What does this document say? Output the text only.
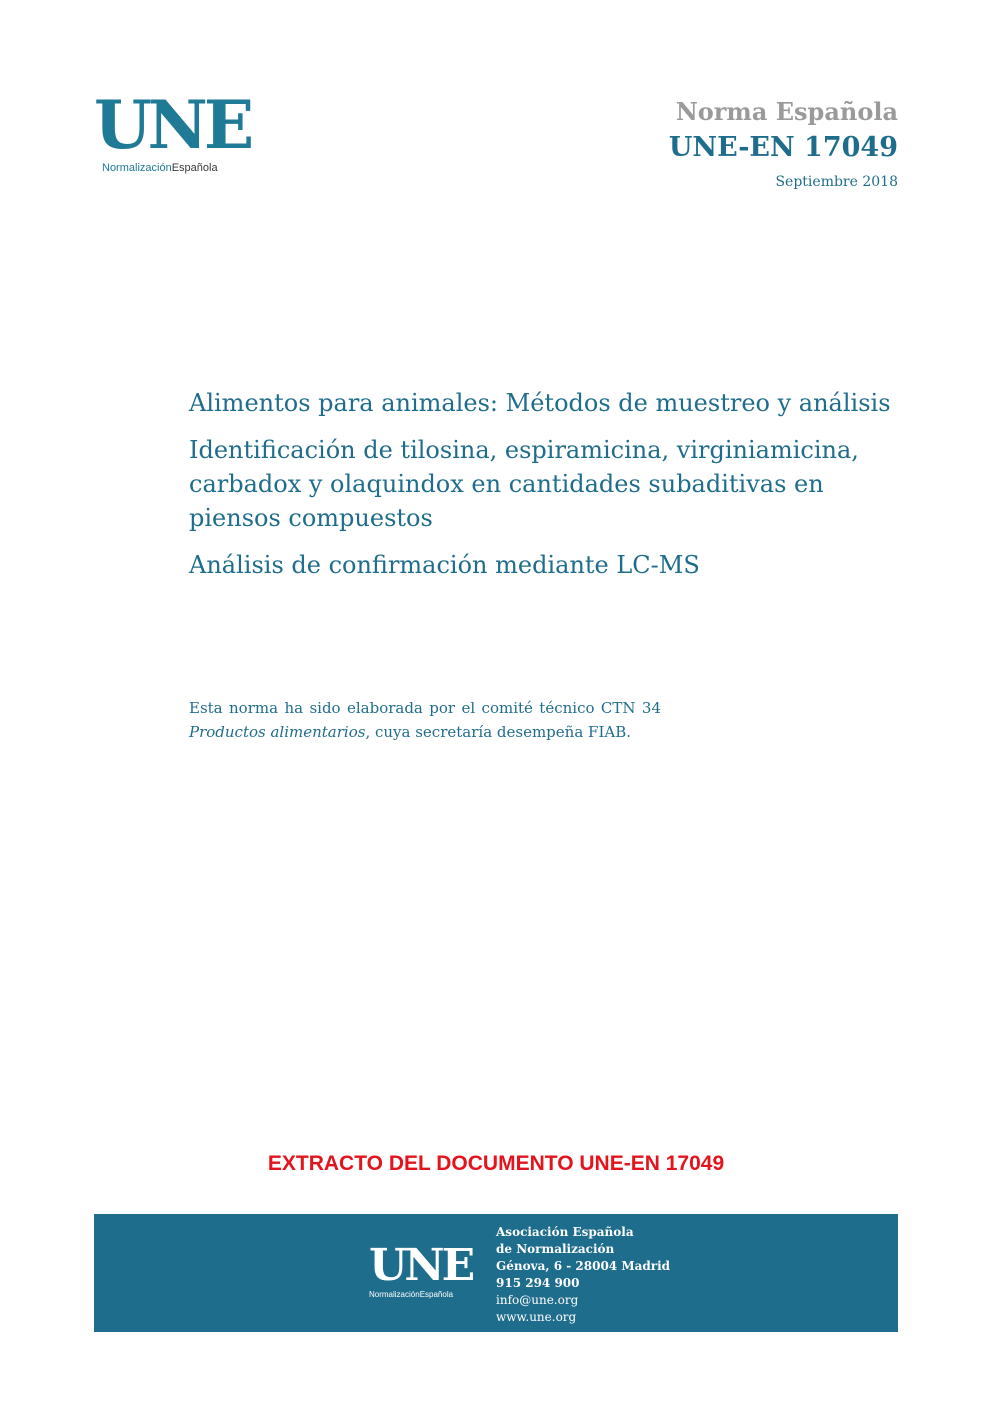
UNE
NormalizaciónEspañola
Norma Española
UNE-EN 17049
Septiembre 2018

Alimentos para animales: Métodos de muestreo y análisis

Identificación de tilosina, espiramicina, virginiamicina, carbadox y olaquindox en cantidades subaditivas en piensos compuestos

Análisis de confirmación mediante LC-MS

Esta norma ha sido elaborada por el comité técnico CTN 34 Productos alimentarios, cuya secretaría desempeña FIAB.
EXTRACTO DEL DOCUMENTO UNE-EN 17049
UNE
NormalizaciónEspañola
Asociación Española
de Normalización
Génova, 6 - 28004 Madrid
915 294 900
info@une.org
www.une.org
